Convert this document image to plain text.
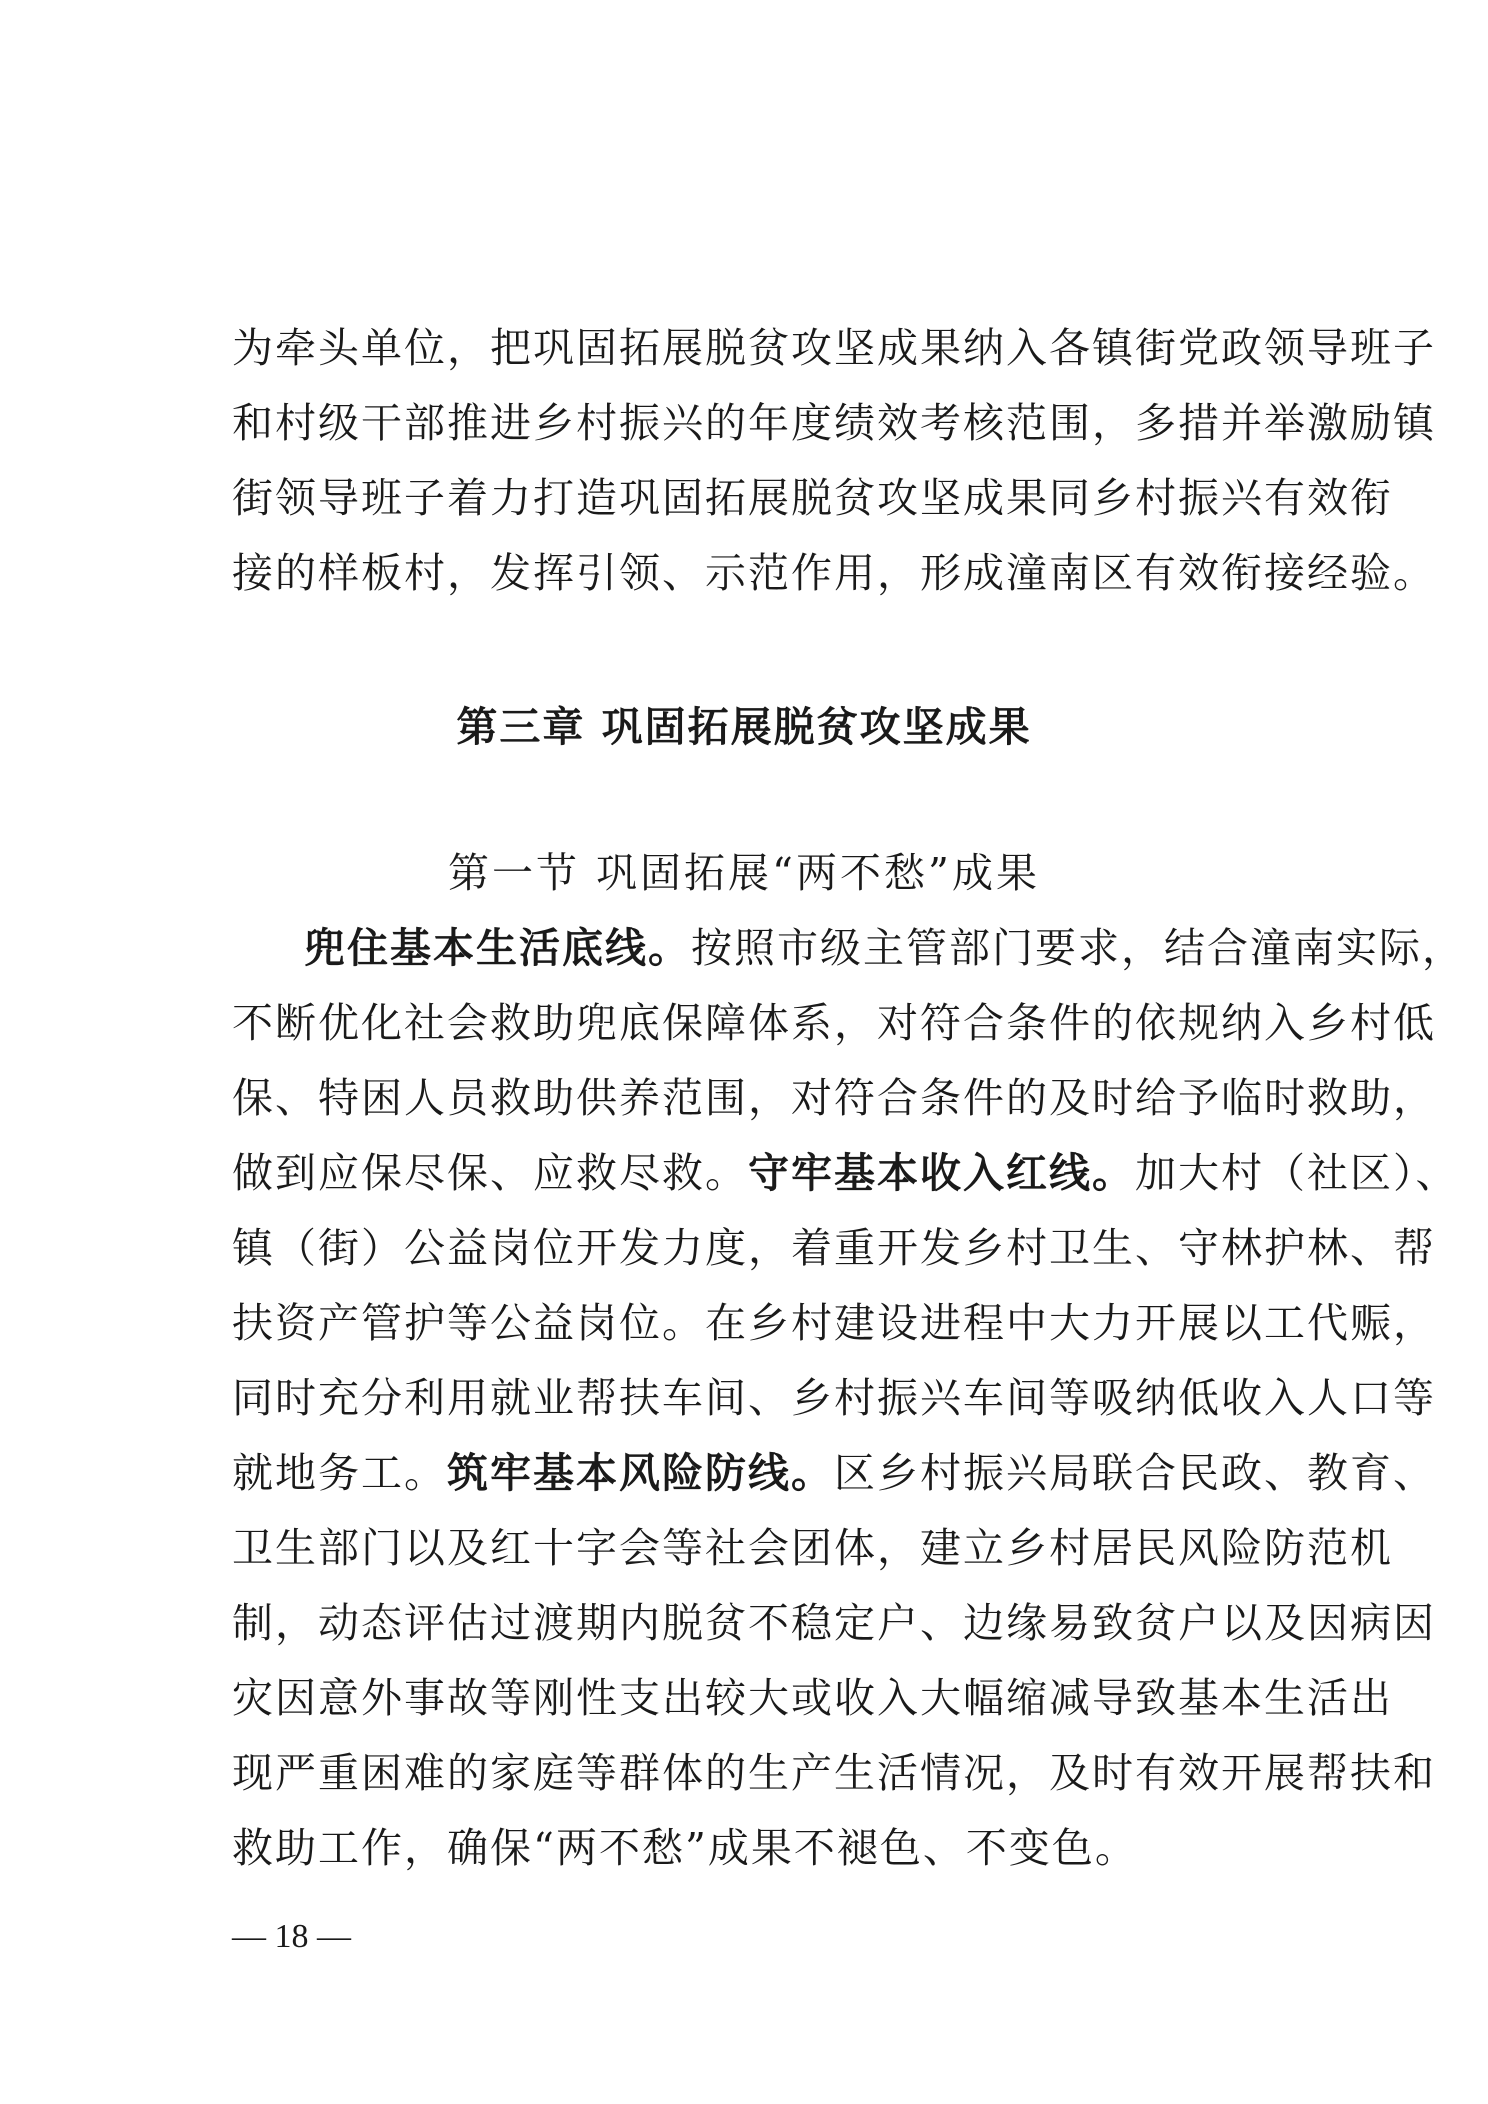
为牵头单位，把巩固拓展脱贫攻坚成果纳入各镇街党政领导班子
和村级干部推进乡村振兴的年度绩效考核范围，多措并举激励镇
街领导班子着力打造巩固拓展脱贫攻坚成果同乡村振兴有效衔
接的样板村，发挥引领、示范作用，形成潼南区有效衔接经验。
第三章 巩固拓展脱贫攻坚成果
第一节 巩固拓展“两不愁”成果
兜住基本生活底线。按照市级主管部门要求，结合潼南实际，
不断优化社会救助兜底保障体系，对符合条件的依规纳入乡村低
保、特困人员救助供养范围，对符合条件的及时给予临时救助，
做到应保尽保、应救尽救。守牢基本收入红线。加大村（社区）、
镇（街）公益岗位开发力度，着重开发乡村卫生、守林护林、帮
扶资产管护等公益岗位。在乡村建设进程中大力开展以工代赈，
同时充分利用就业帮扶车间、乡村振兴车间等吸纳低收入人口等
就地务工。筑牢基本风险防线。区乡村振兴局联合民政、教育、
卫生部门以及红十字会等社会团体，建立乡村居民风险防范机
制，动态评估过渡期内脱贫不稳定户、边缘易致贫户以及因病因
灾因意外事故等刚性支出较大或收入大幅缩减导致基本生活出
现严重困难的家庭等群体的生产生活情况，及时有效开展帮扶和
救助工作，确保“两不愁”成果不褪色、不变色。
— 18 —
